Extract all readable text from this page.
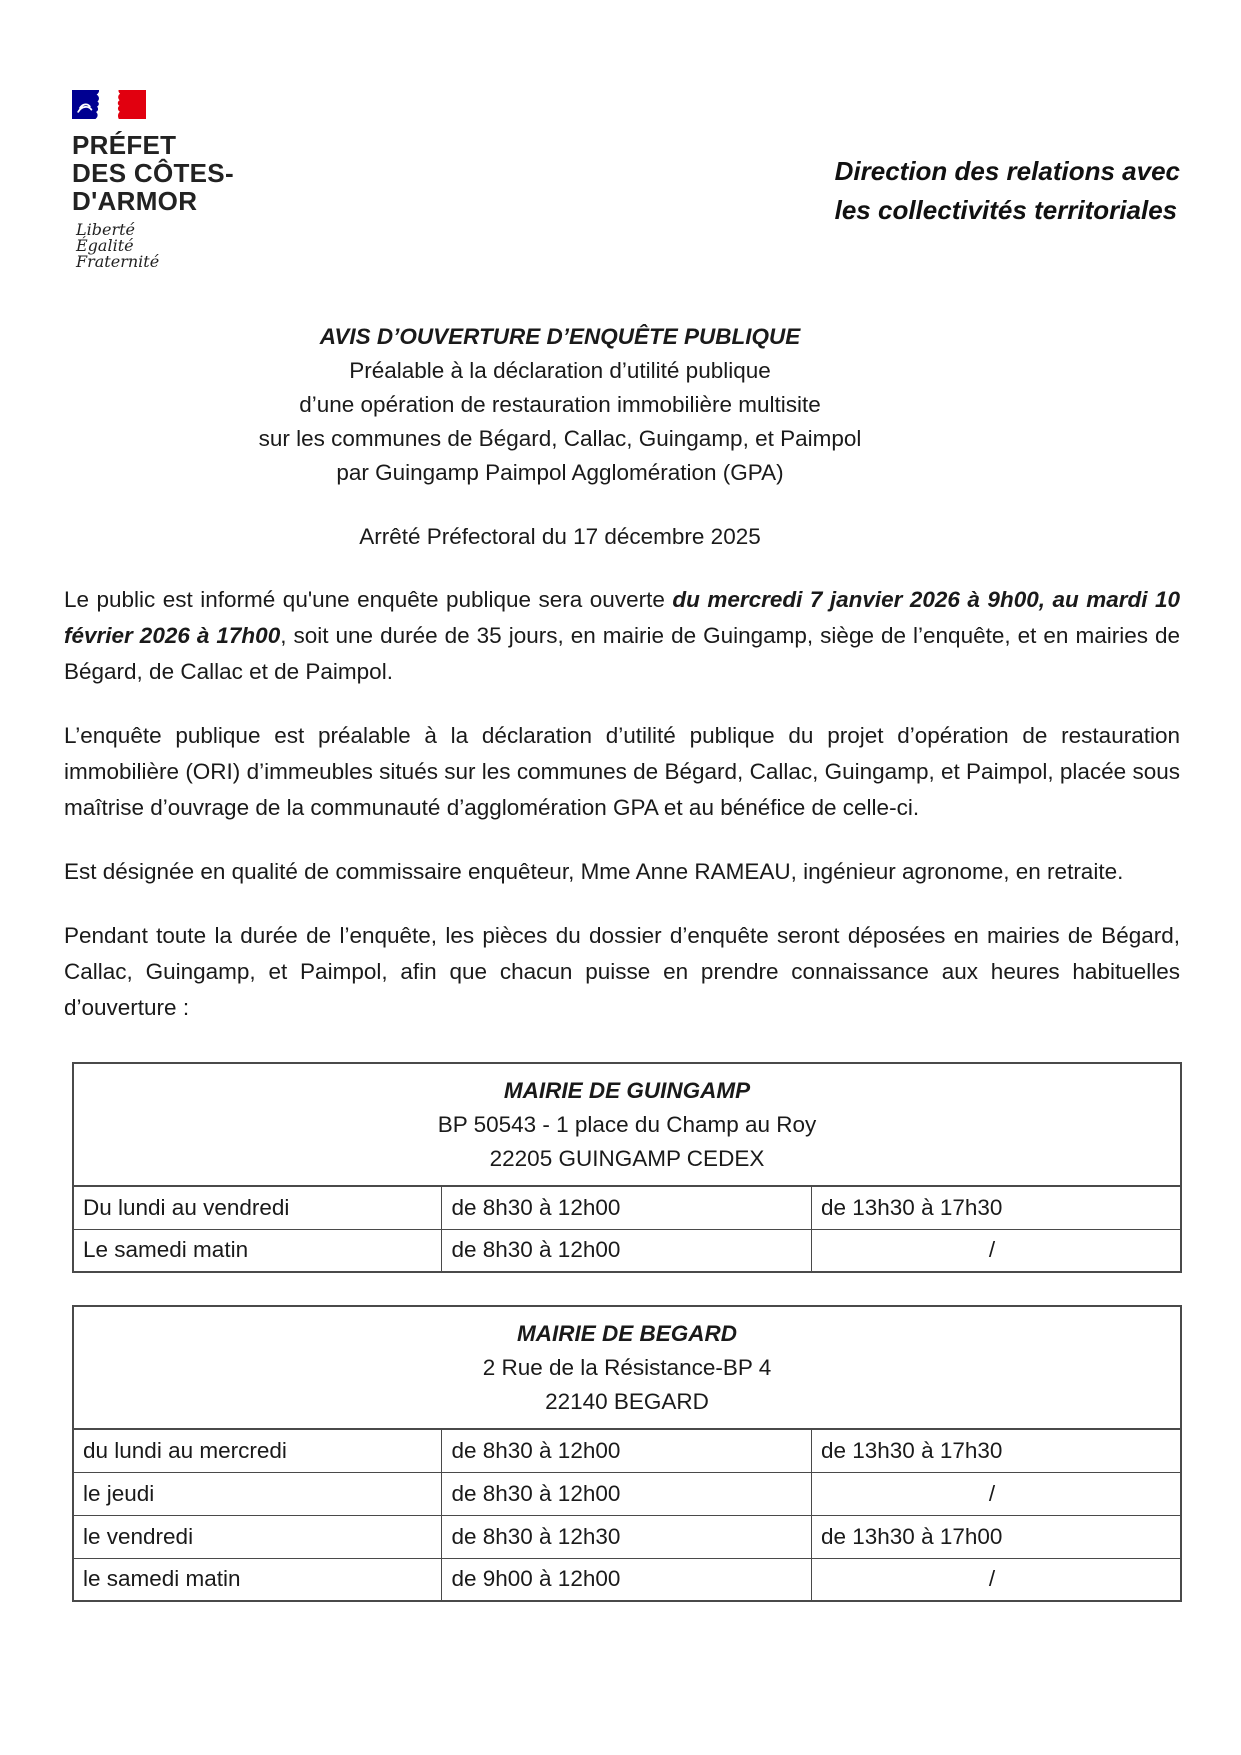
PRÉFET
DES CÔTES-
D'ARMOR
Liberté
Égalité
Fraternité
Direction des relations avec
les collectivités territoriales
AVIS D’OUVERTURE D’ENQUÊTE PUBLIQUE
Préalable à la déclaration d’utilité publique
d’une opération de restauration immobilière multisite
sur les communes de Bégard, Callac, Guingamp, et Paimpol
par Guingamp Paimpol Agglomération (GPA)
Arrêté Préfectoral du 17 décembre 2025

Le public est informé qu'une enquête publique sera ouverte du mercredi 7 janvier 2026 à 9h00, au mardi 10 février 2026 à 17h00, soit une durée de 35 jours, en mairie de Guingamp, siège de l’enquête, et en mairies de Bégard, de Callac et de Paimpol.

L’enquête publique est préalable à la déclaration d’utilité publique du projet d’opération de restauration immobilière (ORI) d’immeubles situés sur les communes de Bégard, Callac, Guingamp, et Paimpol, placée sous maîtrise d’ouvrage de la communauté d’agglomération GPA et au bénéfice de celle-ci.

Est désignée en qualité de commissaire enquêteur, Mme Anne RAMEAU, ingénieur agronome, en retraite.

Pendant toute la durée de l’enquête, les pièces du dossier d’enquête seront déposées en mairies de Bégard, Callac, Guingamp, et Paimpol, afin que chacun puisse en prendre connaissance aux heures habituelles d’ouverture :

MAIRIE DE GUINGAMP
BP 50543 - 1 place du Champ au Roy
22205 GUINGAMP CEDEX		

Du lundi au vendredi	de 8h30 à 12h00	de 13h30 à 17h30
Le samedi matin	de 8h30 à 12h00	/
MAIRIE DE BEGARD
2 Rue de la Résistance-BP 4
22140 BEGARD		

du lundi au mercredi	de 8h30 à 12h00	de 13h30 à 17h30
le jeudi	de 8h30 à 12h00	/
le vendredi	de 8h30 à 12h30	de 13h30 à 17h00
le samedi matin	de 9h00 à 12h00	/
